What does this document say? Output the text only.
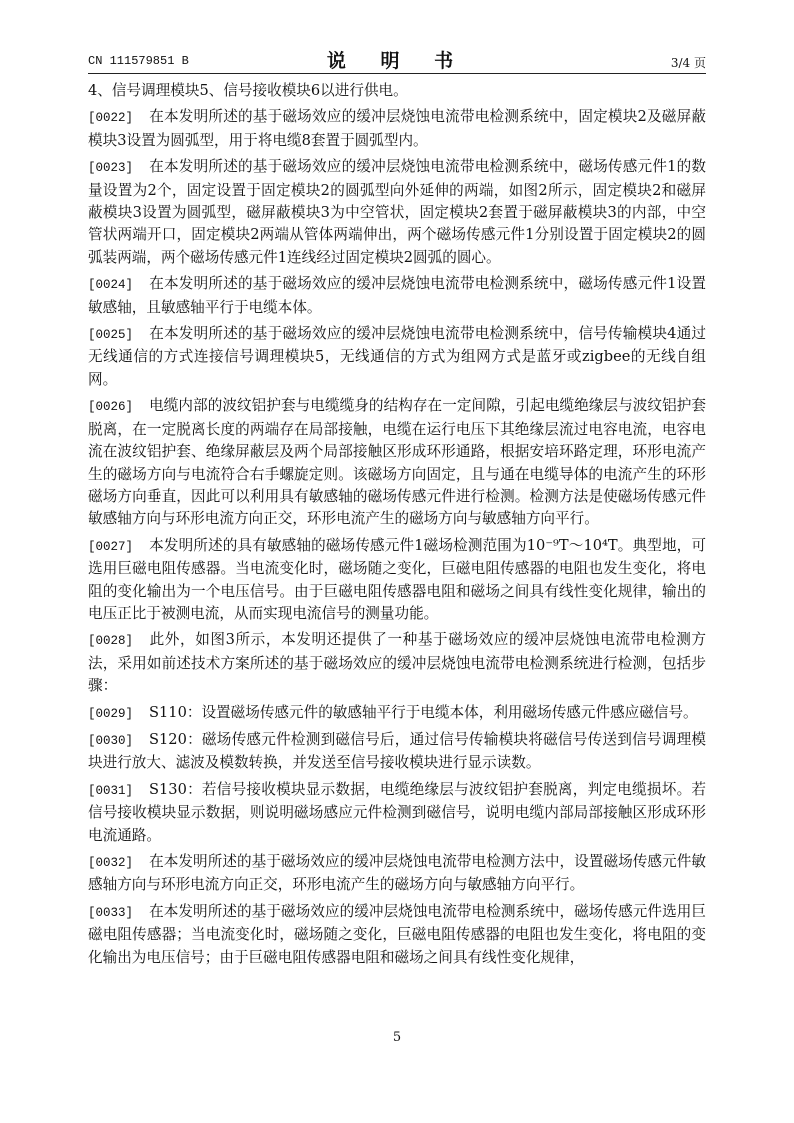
CN 111579851 B	说 明 书	3/4 页
4、信号调理模块5、信号接收模块6以进行供电。
[0022] 在本发明所述的基于磁场效应的缓冲层烧蚀电流带电检测系统中，固定模块2及磁屏蔽模块3设置为圆弧型，用于将电缆8套置于圆弧型内。
[0023] 在本发明所述的基于磁场效应的缓冲层烧蚀电流带电检测系统中，磁场传感元件1的数量设置为2个，固定设置于固定模块2的圆弧型向外延伸的两端，如图2所示，固定模块2和磁屏蔽模块3设置为圆弧型，磁屏蔽模块3为中空管状，固定模块2套置于磁屏蔽模块3的内部，中空管状两端开口，固定模块2两端从管体两端伸出，两个磁场传感元件1分别设置于固定模块2的圆弧装两端，两个磁场传感元件1连线经过固定模块2圆弧的圆心。
[0024] 在本发明所述的基于磁场效应的缓冲层烧蚀电流带电检测系统中，磁场传感元件1设置敏感轴，且敏感轴平行于电缆本体。
[0025] 在本发明所述的基于磁场效应的缓冲层烧蚀电流带电检测系统中，信号传输模块4通过无线通信的方式连接信号调理模块5，无线通信的方式为组网方式是蓝牙或zigbee的无线自组网。
[0026] 电缆内部的波纹铝护套与电缆缆身的结构存在一定间隙，引起电缆绝缘层与波纹铝护套脱离，在一定脱离长度的两端存在局部接触，电缆在运行电压下其绝缘层流过电容电流，电容电流在波纹铝护套、绝缘屏蔽层及两个局部接触区形成环形通路，根据安培环路定理，环形电流产生的磁场方向与电流符合右手螺旋定则。该磁场方向固定，且与通在电缆导体的电流产生的环形磁场方向垂直，因此可以利用具有敏感轴的磁场传感元件进行检测。检测方法是使磁场传感元件敏感轴方向与环形电流方向正交，环形电流产生的磁场方向与敏感轴方向平行。
[0027] 本发明所述的具有敏感轴的磁场传感元件1磁场检测范围为10⁻⁹T～10⁴T。典型地，可选用巨磁电阻传感器。当电流变化时，磁场随之变化，巨磁电阻传感器的电阻也发生变化，将电阻的变化输出为一个电压信号。由于巨磁电阻传感器电阻和磁场之间具有线性变化规律，输出的电压正比于被测电流，从而实现电流信号的测量功能。
[0028] 此外，如图3所示，本发明还提供了一种基于磁场效应的缓冲层烧蚀电流带电检测方法，采用如前述技术方案所述的基于磁场效应的缓冲层烧蚀电流带电检测系统进行检测，包括步骤：
[0029] S110：设置磁场传感元件的敏感轴平行于电缆本体，利用磁场传感元件感应磁信号。
[0030] S120：磁场传感元件检测到磁信号后，通过信号传输模块将磁信号传送到信号调理模块进行放大、滤波及模数转换，并发送至信号接收模块进行显示读数。
[0031] S130：若信号接收模块显示数据，电缆绝缘层与波纹铝护套脱离，判定电缆损坏。若信号接收模块显示数据，则说明磁场感应元件检测到磁信号，说明电缆内部局部接触区形成环形电流通路。
[0032] 在本发明所述的基于磁场效应的缓冲层烧蚀电流带电检测方法中，设置磁场传感元件敏感轴方向与环形电流方向正交，环形电流产生的磁场方向与敏感轴方向平行。
[0033] 在本发明所述的基于磁场效应的缓冲层烧蚀电流带电检测系统中，磁场传感元件选用巨磁电阻传感器；当电流变化时，磁场随之变化，巨磁电阻传感器的电阻也发生变化，将电阻的变化输出为电压信号；由于巨磁电阻传感器电阻和磁场之间具有线性变化规律，
5
